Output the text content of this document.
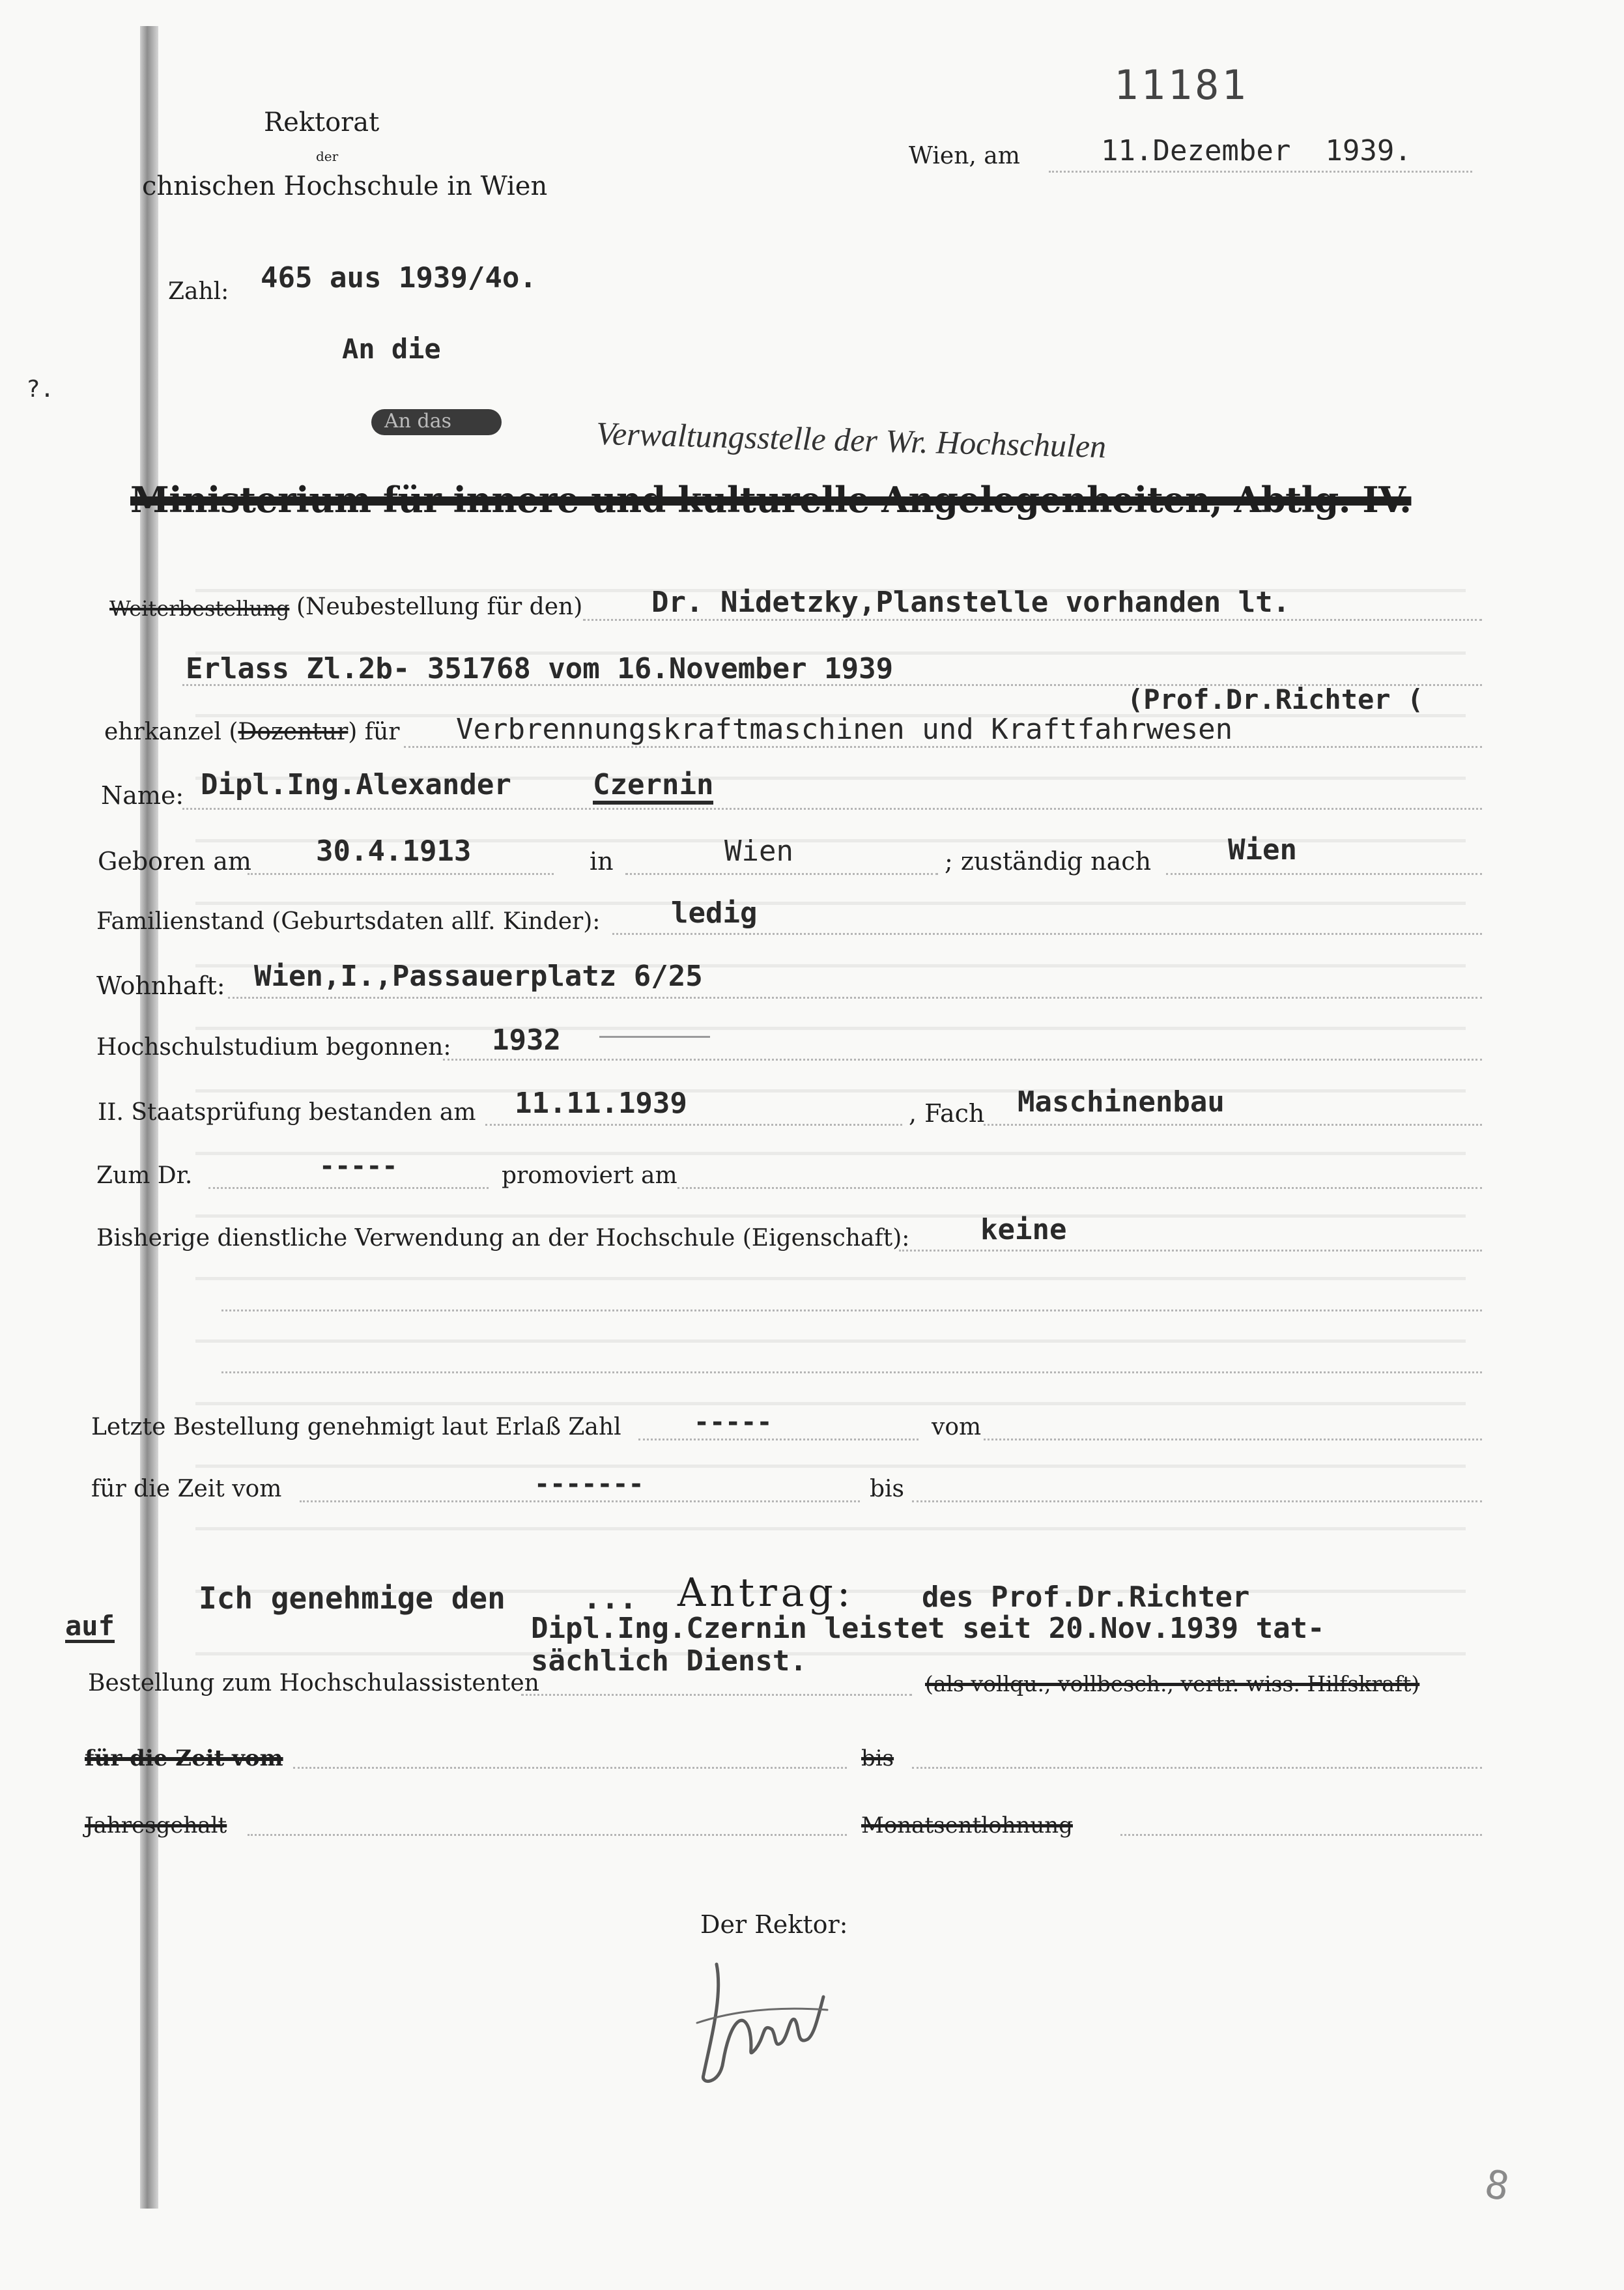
11181
Rektorat
der
chnischen Hochschule in Wien
Wien, am	11.Dezember  1939.
Zahl: 465 aus 1939/4o.
An die
An das	Verwaltungsstelle der Wr. Hochschulen
Ministerium für innere und kulturelle Angelegenheiten, Abtlg. IV.
Weiterbestellung (Neubestellung für den) Dr. Nidetzky,Planstelle vorhanden lt.
Erlass Zl.2b- 351768 vom 16.November 1939
(Prof.Dr.Richter (
ehrkanzel (Dozentur) für Verbrennungskraftmaschinen und Kraftfahrwesen
Name: Dipl.Ing.Alexander	Czernin
Geboren am 30.4.1913	in	Wien	; zuständig nach	Wien
Familienstand (Geburtsdaten allf. Kinder): ledig
Wohnhaft: Wien,I.,Passauerplatz 6/25
Hochschulstudium begonnen: 1932
II. Staatsprüfung bestanden am 11.11.1939	, Fach Maschinenbau
Zum Dr.	-----	promoviert am
Bisherige dienstliche Verwendung an der Hochschule (Eigenschaft): keine
Letzte Bestellung genehmigt laut Erlaß Zahl	-----	vom
für die Zeit vom	-------	bis
Ich genehmige den	... Antrag: des Prof.Dr.Richter
Dipl.Ing.Czernin leistet seit 20.Nov.1939 tat-
sächlich Dienst.
auf
Bestellung zum Hochschulassistenten	(als vollqu., vollbesch., vertr. wiss. Hilfskraft)
für die Zeit vom	bis
Jahresgehalt	Monatsentlohnung
Der Rektor:
?.
8
